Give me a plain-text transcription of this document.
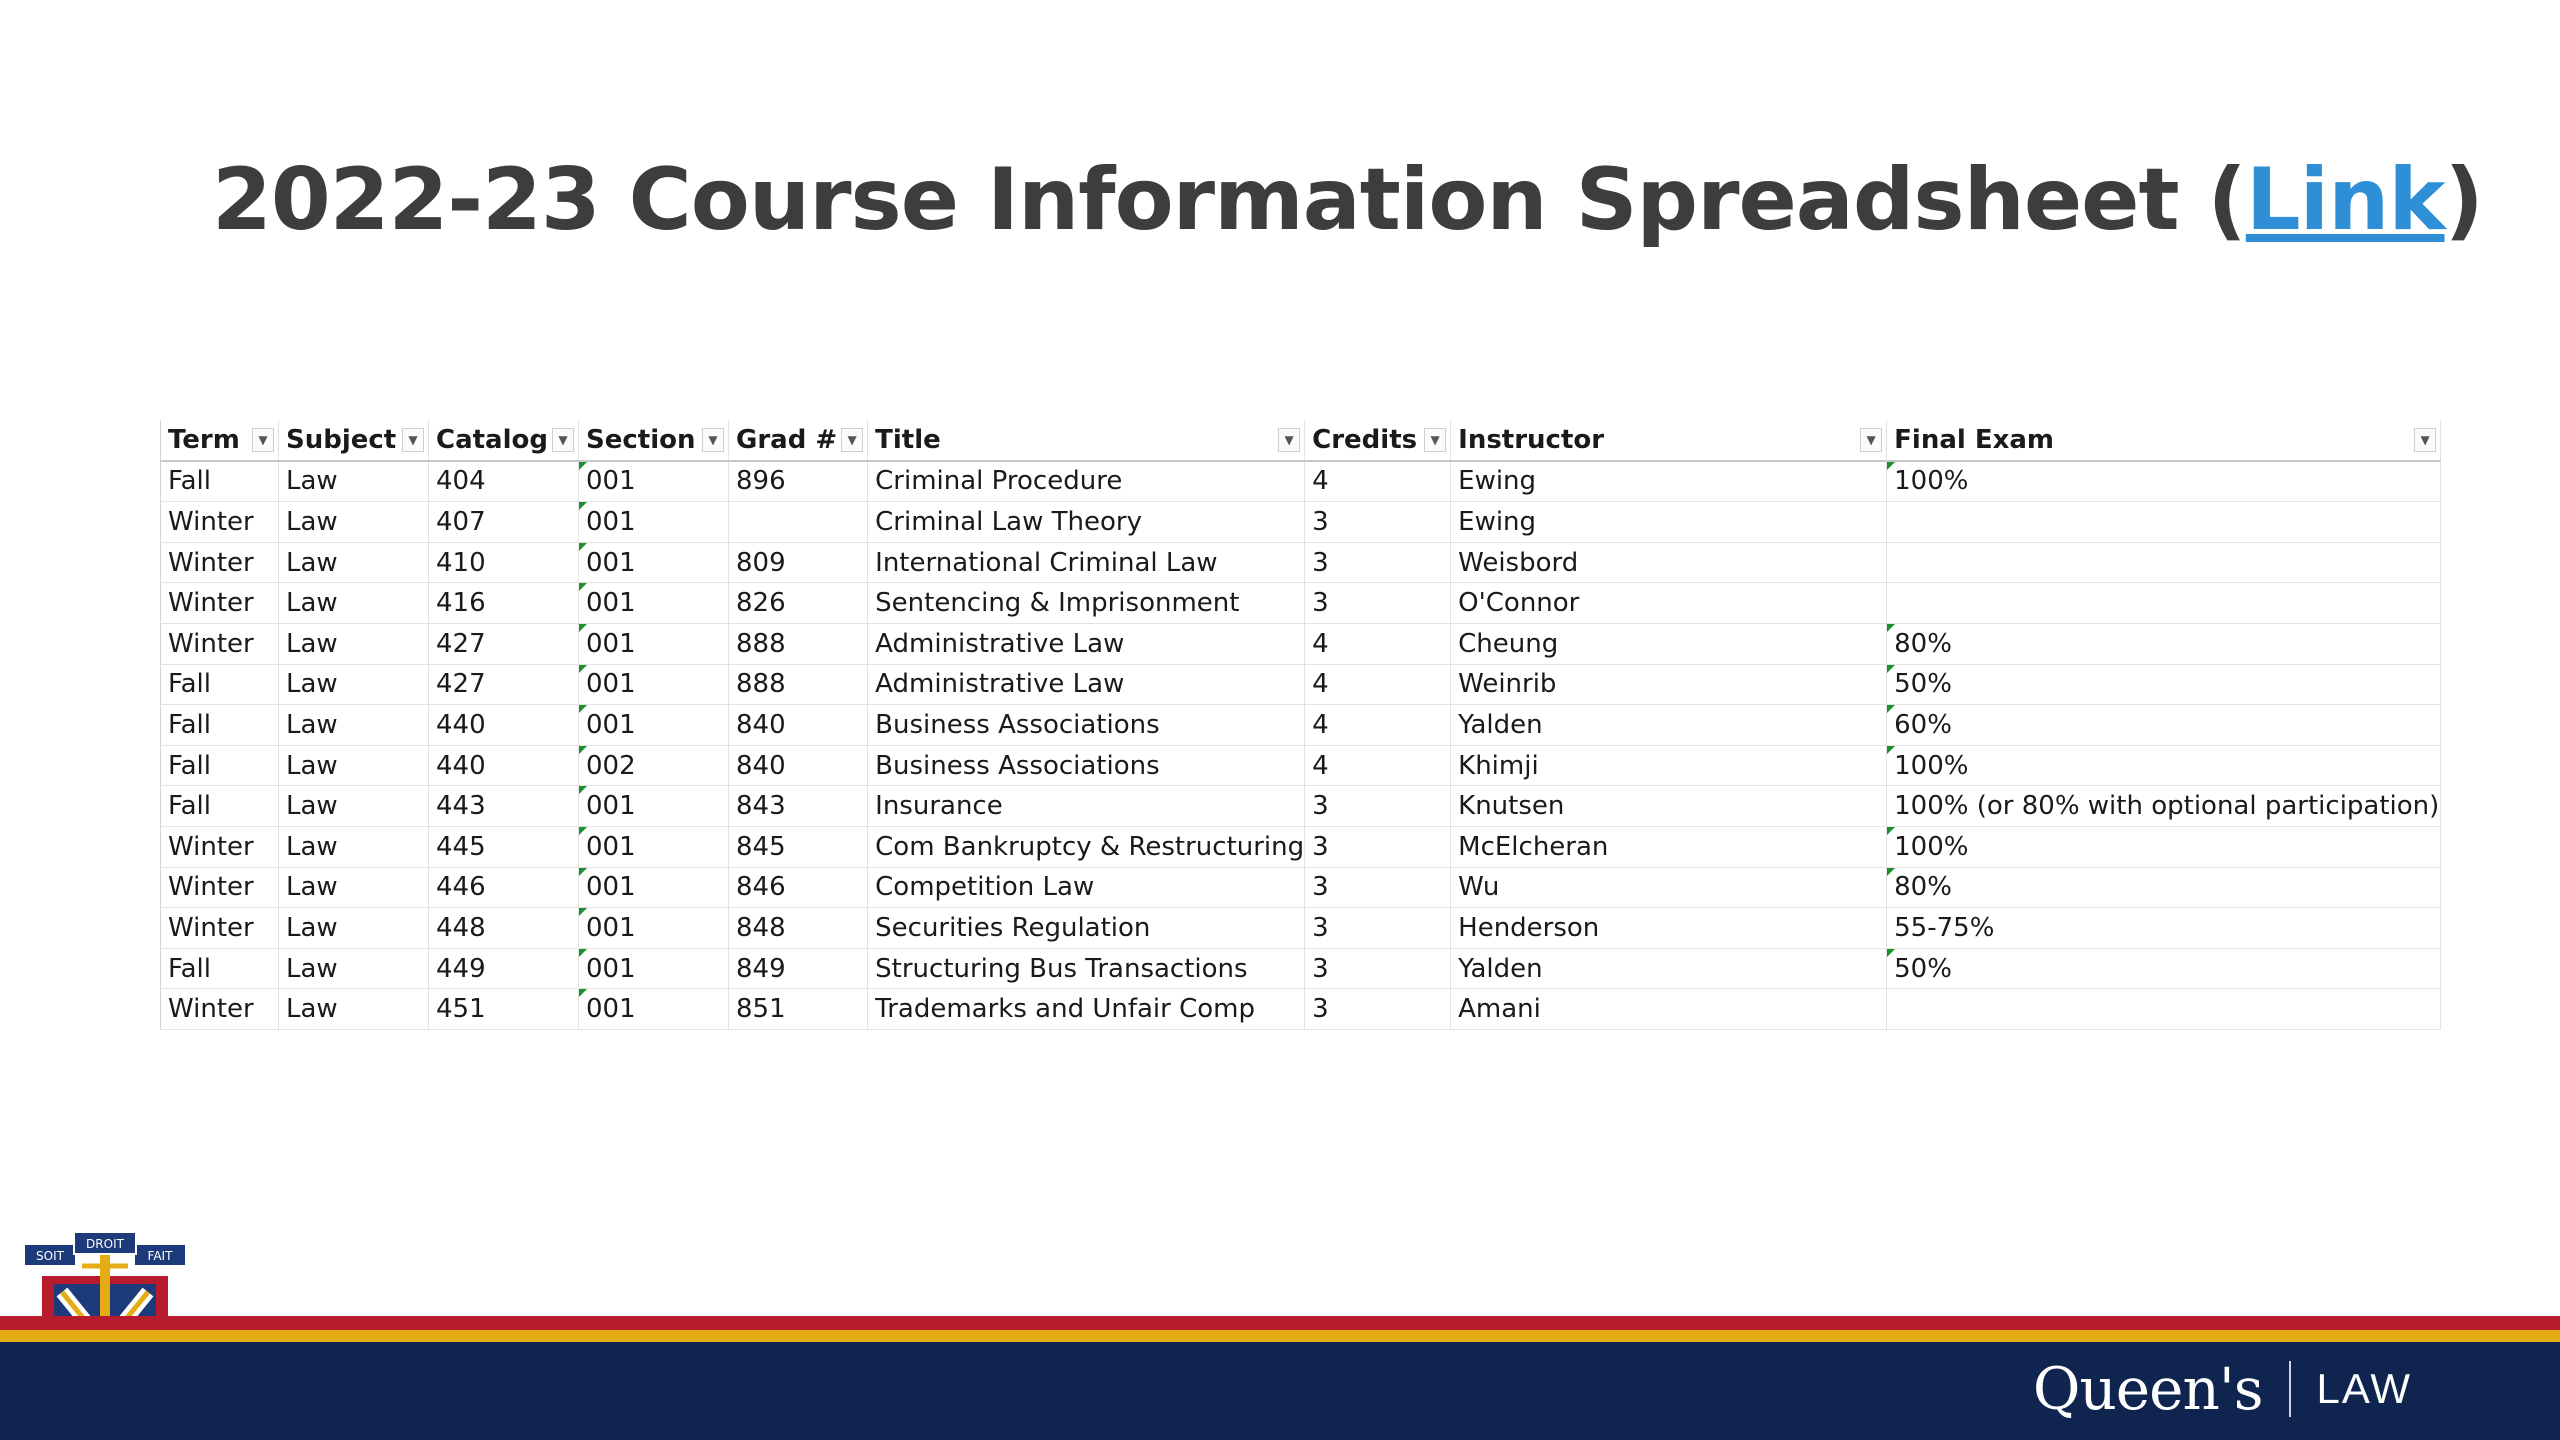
2022-23 Course Information Spreadsheet (Link)
Term ▼	Subject ▼	Catalog ▼	Section ▼	Grad # ▼	Title ▼	Credits ▼	Instructor ▼	Final Exam ▼

Fall	Law	404	001	896	Criminal Procedure	4	Ewing	100%
Winter	Law	407	001		Criminal Law Theory	3	Ewing	
Winter	Law	410	001	809	International Criminal Law	3	Weisbord	
Winter	Law	416	001	826	Sentencing & Imprisonment	3	O'Connor	
Winter	Law	427	001	888	Administrative Law	4	Cheung	80%
Fall	Law	427	001	888	Administrative Law	4	Weinrib	50%
Fall	Law	440	001	840	Business Associations	4	Yalden	60%
Fall	Law	440	002	840	Business Associations	4	Khimji	100%
Fall	Law	443	001	843	Insurance	3	Knutsen	100% (or 80% with optional participation)
Winter	Law	445	001	845	Com Bankruptcy & Restructuring	3	McElcheran	100%
Winter	Law	446	001	846	Competition Law	3	Wu	80%
Winter	Law	448	001	848	Securities Regulation	3	Henderson	55-75%
Fall	Law	449	001	849	Structuring Bus Transactions	3	Yalden	50%
Winter	Law	451	001	851	Trademarks and Unfair Comp	3	Amani	
SOIT
DROIT
FAIT
Queen's LAW
